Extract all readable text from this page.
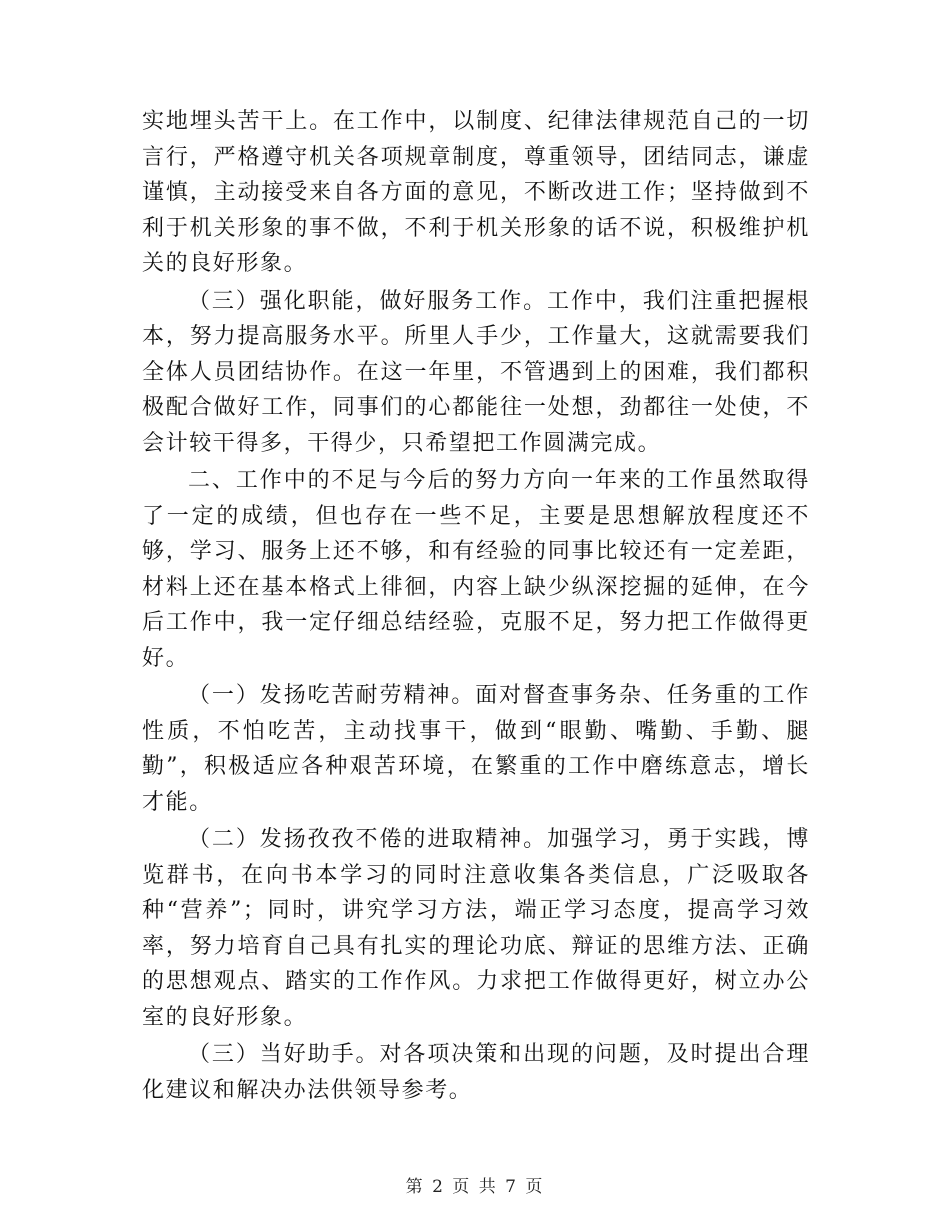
实地埋头苦干上。在工作中，以制度、纪律法律规范自己的一切言行，严格遵守机关各项规章制度，尊重领导，团结同志，谦虚谨慎，主动接受来自各方面的意见，不断改进工作；坚持做到不利于机关形象的事不做，不利于机关形象的话不说，积极维护机关的良好形象。

（三）强化职能，做好服务工作。工作中，我们注重把握根本，努力提高服务水平。所里人手少，工作量大，这就需要我们全体人员团结协作。在这一年里，不管遇到上的困难，我们都积极配合做好工作，同事们的心都能往一处想，劲都往一处使，不会计较干得多，干得少，只希望把工作圆满完成。

二、工作中的不足与今后的努力方向一年来的工作虽然取得了一定的成绩，但也存在一些不足，主要是思想解放程度还不够，学习、服务上还不够，和有经验的同事比较还有一定差距，材料上还在基本格式上徘徊，内容上缺少纵深挖掘的延伸，在今后工作中，我一定仔细总结经验，克服不足，努力把工作做得更好。

（一）发扬吃苦耐劳精神。面对督查事务杂、任务重的工作性质，不怕吃苦，主动找事干，做到“眼勤、嘴勤、手勤、腿勤”，积极适应各种艰苦环境，在繁重的工作中磨练意志，增长才能。

（二）发扬孜孜不倦的进取精神。加强学习，勇于实践，博览群书，在向书本学习的同时注意收集各类信息，广泛吸取各种“营养”；同时，讲究学习方法，端正学习态度，提高学习效率，努力培育自己具有扎实的理论功底、辩证的思维方法、正确的思想观点、踏实的工作作风。力求把工作做得更好，树立办公室的良好形象。

（三）当好助手。对各项决策和出现的问题，及时提出合理化建议和解决办法供领导参考。

第 2 页 共 7 页
